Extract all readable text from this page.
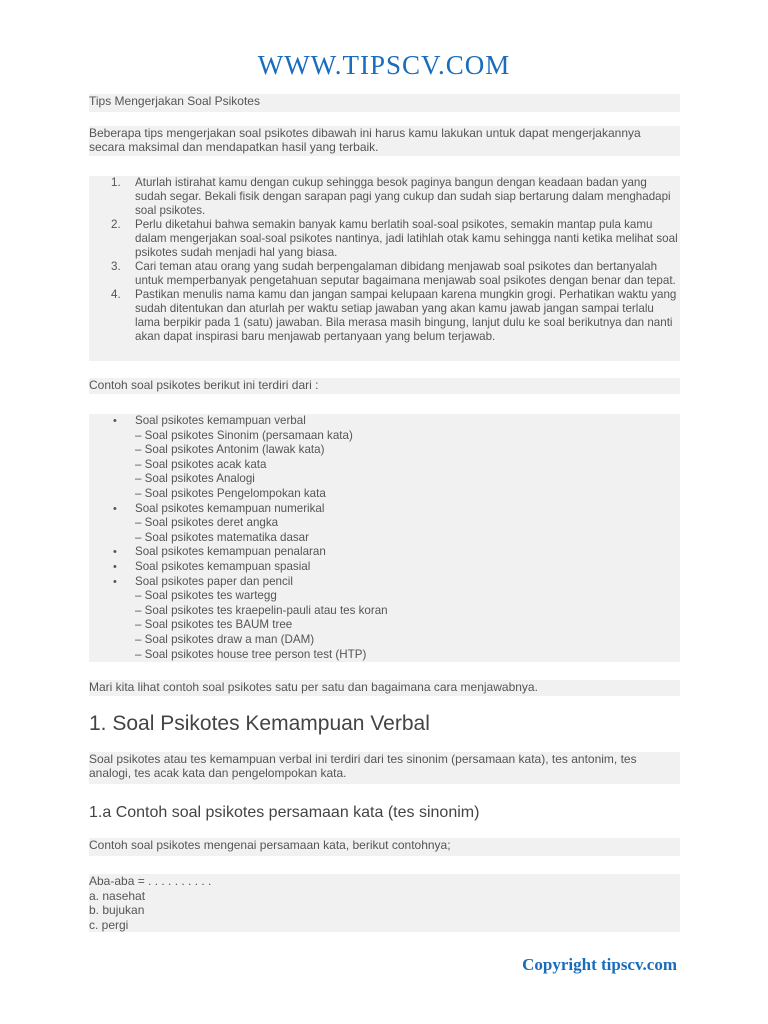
WWW.TIPSCV.COM
Tips Mengerjakan Soal Psikotes
Beberapa tips mengerjakan soal psikotes dibawah ini harus kamu lakukan untuk dapat mengerjakannya secara maksimal dan mendapatkan hasil yang terbaik.
1. Aturlah istirahat kamu dengan cukup sehingga besok paginya bangun dengan keadaan badan yang sudah segar. Bekali fisik dengan sarapan pagi yang cukup dan sudah siap bertarung dalam menghadapi soal psikotes.
2. Perlu diketahui bahwa semakin banyak kamu berlatih soal-soal psikotes, semakin mantap pula kamu dalam mengerjakan soal-soal psikotes nantinya, jadi latihlah otak kamu sehingga nanti ketika melihat soal psikotes sudah menjadi hal yang biasa.
3. Cari teman atau orang yang sudah berpengalaman dibidang menjawab soal psikotes dan bertanyalah untuk memperbanyak pengetahuan seputar bagaimana menjawab soal psikotes dengan benar dan tepat.
4. Pastikan menulis nama kamu dan jangan sampai kelupaan karena mungkin grogi. Perhatikan waktu yang sudah ditentukan dan aturlah per waktu setiap jawaban yang akan kamu jawab jangan sampai terlalu lama berpikir pada 1 (satu) jawaban. Bila merasa masih bingung, lanjut dulu ke soal berikutnya dan nanti akan dapat inspirasi baru menjawab pertanyaan yang belum terjawab.
Contoh soal psikotes berikut ini terdiri dari :
• Soal psikotes kemampuan verbal
– Soal psikotes Sinonim (persamaan kata)
– Soal psikotes Antonim (lawak kata)
– Soal psikotes acak kata
– Soal psikotes Analogi
– Soal psikotes Pengelompokan kata
• Soal psikotes kemampuan numerikal
– Soal psikotes deret angka
– Soal psikotes matematika dasar
• Soal psikotes kemampuan penalaran
• Soal psikotes kemampuan spasial
• Soal psikotes paper dan pencil
– Soal psikotes tes wartegg
– Soal psikotes tes kraepelin-pauli atau tes koran
– Soal psikotes tes BAUM tree
– Soal psikotes draw a man (DAM)
– Soal psikotes house tree person test (HTP)
Mari kita lihat contoh soal psikotes satu per satu dan bagaimana cara menjawabnya.
1. Soal Psikotes Kemampuan Verbal
Soal psikotes atau tes kemampuan verbal ini terdiri dari tes sinonim (persamaan kata), tes antonim, tes analogi, tes acak kata dan pengelompokan kata.
1.a Contoh soal psikotes persamaan kata (tes sinonim)
Contoh soal psikotes mengenai persamaan kata, berikut contohnya;
Aba-aba = . . . . . . . . . .
a. nasehat
b. bujukan
c. pergi
Copyright tipscv.com
